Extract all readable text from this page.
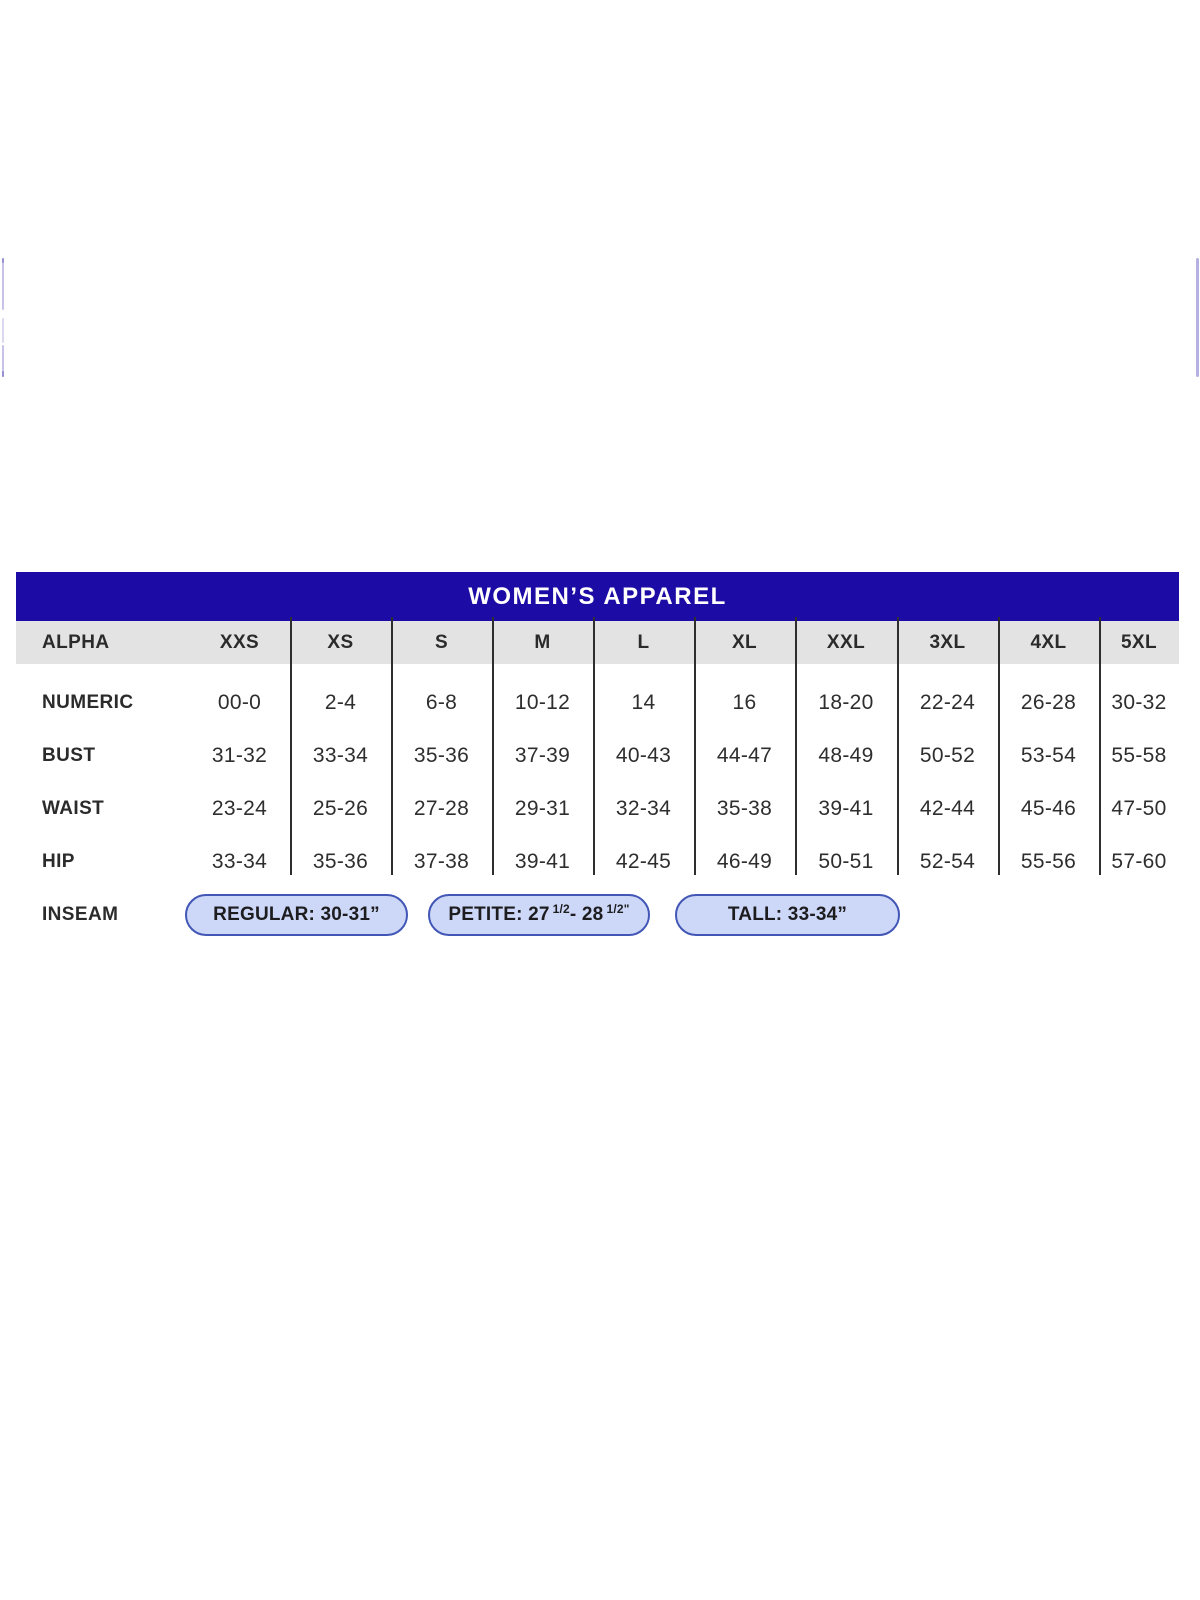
WOMEN’S APPAREL
ALPHA	XXS	XS	S	M	L	XL	XXL	3XL	4XL	5XL
NUMERIC	00-0	2-4	6-8	10-12	14	16	18-20	22-24	26-28	30-32
BUST	31-32	33-34	35-36	37-39	40-43	44-47	48-49	50-52	53-54	55-58
WAIST	23-24	25-26	27-28	29-31	32-34	35-38	39-41	42-44	45-46	47-50
HIP	33-34	35-36	37-38	39-41	42-45	46-49	50-51	52-54	55-56	57-60
INSEAM	REGULAR: 30-31”	PETITE: 27 1/2 - 28 1/2"	TALL: 33-34”
